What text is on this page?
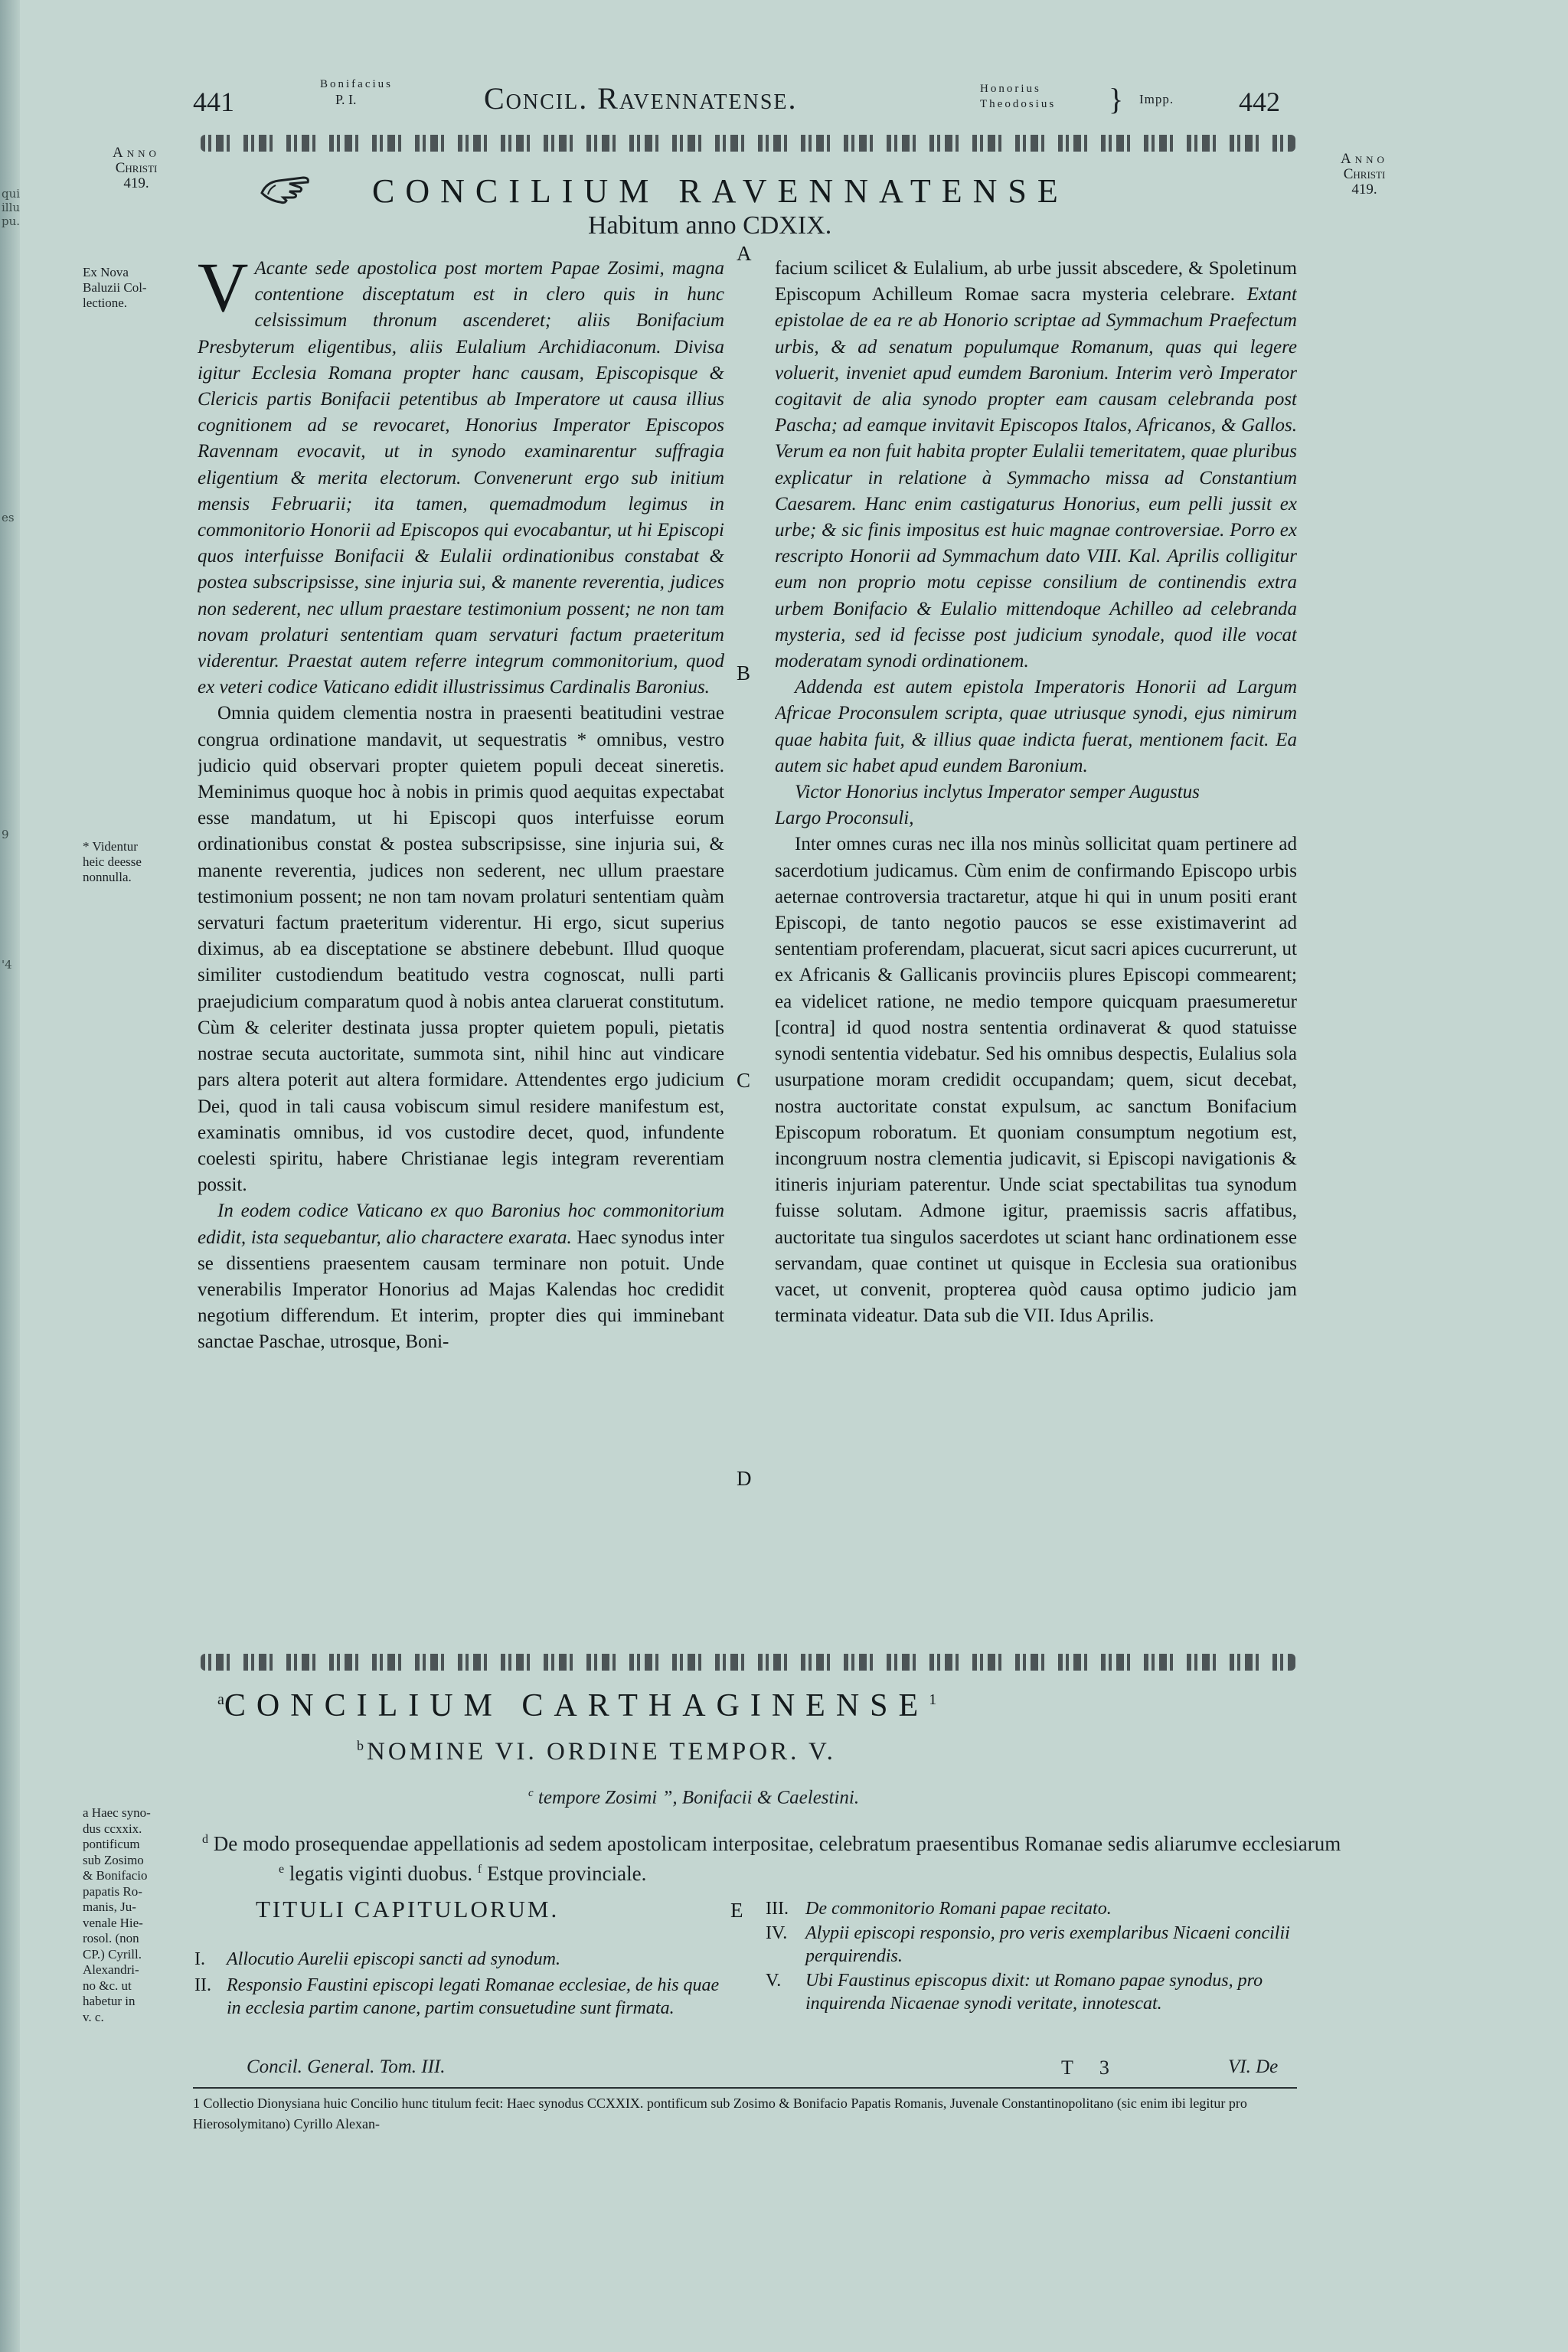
qui
illu
pu.
es
9
'4
441
Bonifacius
P. I.	Concil. Ravennatense.	Honorius
Theodosius } Impp. 442
Anno
Christi
419.
Anno
Christi
419.
CONCILIUM RAVENNATENSE
Habitum anno CDXIX.
Ex Nova
Baluzii Col-
lectione.
* Videntur
heic deesse
nonnulla.
a Haec syno-
dus ccxxix.
pontificum
sub Zosimo
& Bonifacio
papatis Ro-
manis, Ju-
venale Hie-
rosol. (non
CP.) Cyrill.
Alexandri-
no &c. ut
habetur in
v. c.
V Acante sede apostolica post mortem Papae Zosimi, magna contentione disceptatum est in clero quis in hunc celsissimum thronum ascenderet; aliis Bonifacium Presbyterum eligentibus, aliis Eulalium Archidiaconum. Divisa igitur Ecclesia Romana propter hanc causam, Episcopisque & Clericis partis Bonifacii petentibus ab Imperatore ut causa illius cognitionem ad se revocaret, Honorius Imperator Episcopos Ravennam evocavit, ut in synodo examinarentur suffragia eligentium & merita electorum. Convenerunt ergo sub initium mensis Februarii; ita tamen, quemadmodum legimus in commonitorio Honorii ad Episcopos qui evocabantur, ut hi Episcopi quos interfuisse Bonifacii & Eulalii ordinationibus constabat & postea subscripsisse, sine injuria sui, & manente reverentia, judices non sederent, nec ullum praestare testimonium possent; ne non tam novam prolaturi sententiam quam servaturi factum praeteritum viderentur. Praestat autem referre integrum commonitorium, quod ex veteri codice Vaticano edidit illustrissimus Cardinalis Baronius.

Omnia quidem clementia nostra in praesenti beatitudini vestrae congrua ordinatione mandavit, ut sequestratis * omnibus, vestro judicio quid observari propter quietem populi deceat sineretis. Meminimus quoque hoc à nobis in primis quod aequitas expectabat esse mandatum, ut hi Episcopi quos interfuisse eorum ordinationibus constat & postea subscripsisse, sine injuria sui, & manente reverentia, judices non sederent, nec ullum praestare testimonium possent; ne non tam novam prolaturi sententiam quàm servaturi factum praeteritum viderentur. Hi ergo, sicut superius diximus, ab ea disceptatione se abstinere debebunt. Illud quoque similiter custodiendum beatitudo vestra cognoscat, nulli parti praejudicium comparatum quod à nobis antea claruerat constitutum. Cùm & celeriter destinata jussa propter quietem populi, pietatis nostrae secuta auctoritate, summota sint, nihil hinc aut vindicare pars altera poterit aut altera formidare. Attendentes ergo judicium Dei, quod in tali causa vobiscum simul residere manifestum est, examinatis omnibus, id vos custodire decet, quod, infundente coelesti spiritu, habere Christianae legis integram reverentiam possit.

In eodem codice Vaticano ex quo Baronius hoc commonitorium edidit, ista sequebantur, alio charactere exarata. Haec synodus inter se dissentiens praesentem causam terminare non potuit. Unde venerabilis Imperator Honorius ad Majas Kalendas hoc credidit negotium differendum. Et interim, propter dies qui imminebant sanctae Paschae, utrosque, Boni-

A
B
C
D
E

facium scilicet & Eulalium, ab urbe jussit abscedere, & Spoletinum Episcopum Achilleum Romae sacra mysteria celebrare. Extant epistolae de ea re ab Honorio scriptae ad Symmachum Praefectum urbis, & ad senatum populumque Romanum, quas qui legere voluerit, inveniet apud eumdem Baronium. Interim verò Imperator cogitavit de alia synodo propter eam causam celebranda post Pascha; ad eamque invitavit Episcopos Italos, Africanos, & Gallos. Verum ea non fuit habita propter Eulalii temeritatem, quae pluribus explicatur in relatione à Symmacho missa ad Constantium Caesarem. Hanc enim castigaturus Honorius, eum pelli jussit ex urbe; & sic finis impositus est huic magnae controversiae. Porro ex rescripto Honorii ad Symmachum dato VIII. Kal. Aprilis colligitur eum non proprio motu cepisse consilium de continendis extra urbem Bonifacio & Eulalio mittendoque Achilleo ad celebranda mysteria, sed id fecisse post judicium synodale, quod ille vocat moderatam synodi ordinationem.

Addenda est autem epistola Imperatoris Honorii ad Largum Africae Proconsulem scripta, quae utriusque synodi, ejus nimirum quae habita fuit, & illius quae indicta fuerat, mentionem facit. Ea autem sic habet apud eundem Baronium.

Victor Honorius inclytus Imperator semper Augustus

Largo Proconsuli,

Inter omnes curas nec illa nos minùs sollicitat quam pertinere ad sacerdotium judicamus. Cùm enim de confirmando Episcopo urbis aeternae controversia tractaretur, atque hi qui in unum positi erant Episcopi, de tanto negotio paucos se esse existimaverint ad sententiam proferendam, placuerat, sicut sacri apices cucurrerunt, ut ex Africanis & Gallicanis provinciis plures Episcopi commearent; ea videlicet ratione, ne medio tempore quicquam praesumeretur [contra] id quod nostra sententia ordinaverat & quod statuisse synodi sententia videbatur. Sed his omnibus despectis, Eulalius sola usurpatione moram credidit occupandam; quem, sicut decebat, nostra auctoritate constat expulsum, ac sanctum Bonifacium Episcopum roboratum. Et quoniam consumptum negotium est, incongruum nostra clementia judicavit, si Episcopi navigationis & itineris injuriam paterentur. Unde sciat spectabilitas tua synodum fuisse solutam. Admone igitur, praemissis sacris affatibus, auctoritate tua singulos sacerdotes ut sciant hanc ordinationem esse servandam, quae continet ut quisque in Ecclesia sua orationibus vacet, ut convenit, propterea quòd causa optimo judicio jam terminata videatur. Data sub die VII. Idus Aprilis.

$^a$CONCILIUM CARTHAGINENSE$^1$
$^b$NOMINE VI. ORDINE TEMPOR. V.
$^c$ tempore Zosimi ”, Bonifacii & Caelestini.
$^d$ De modo prosequendae appellationis ad sedem apostolicam interpositae, celebratum praesentibus Romanae sedis aliarumve ecclesiarum
$^e$ legatis viginti duobus. $^f$ Estque provinciale.
TITULI CAPITULORUM.
I.	Allocutio Aurelii episcopi sancti ad synodum.
II. Responsio Faustini episcopi legati Romanae ecclesiae, de his quae in ecclesia partim canone, partim consuetudine sunt firmata.
III. De commonitorio Romani papae recitato.
IV. Alypii episcopi responsio, pro veris exemplaribus Nicaeni concilii perquirendis.
V.	Ubi Faustinus episcopus dixit: ut Romano papae synodus, pro inquirenda Nicaenae synodi veritate, innotescat.
Concil. General. Tom. III.	T 3	VI. De
1 Collectio Dionysiana huic Concilio hunc titulum fecit: Haec synodus CCXXIX. pontificum sub Zosimo & Bonifacio Papatis Romanis, Juvenale Constantinopolitano (sic enim ibi legitur pro Hierosolymitano) Cyrillo Alexan-
